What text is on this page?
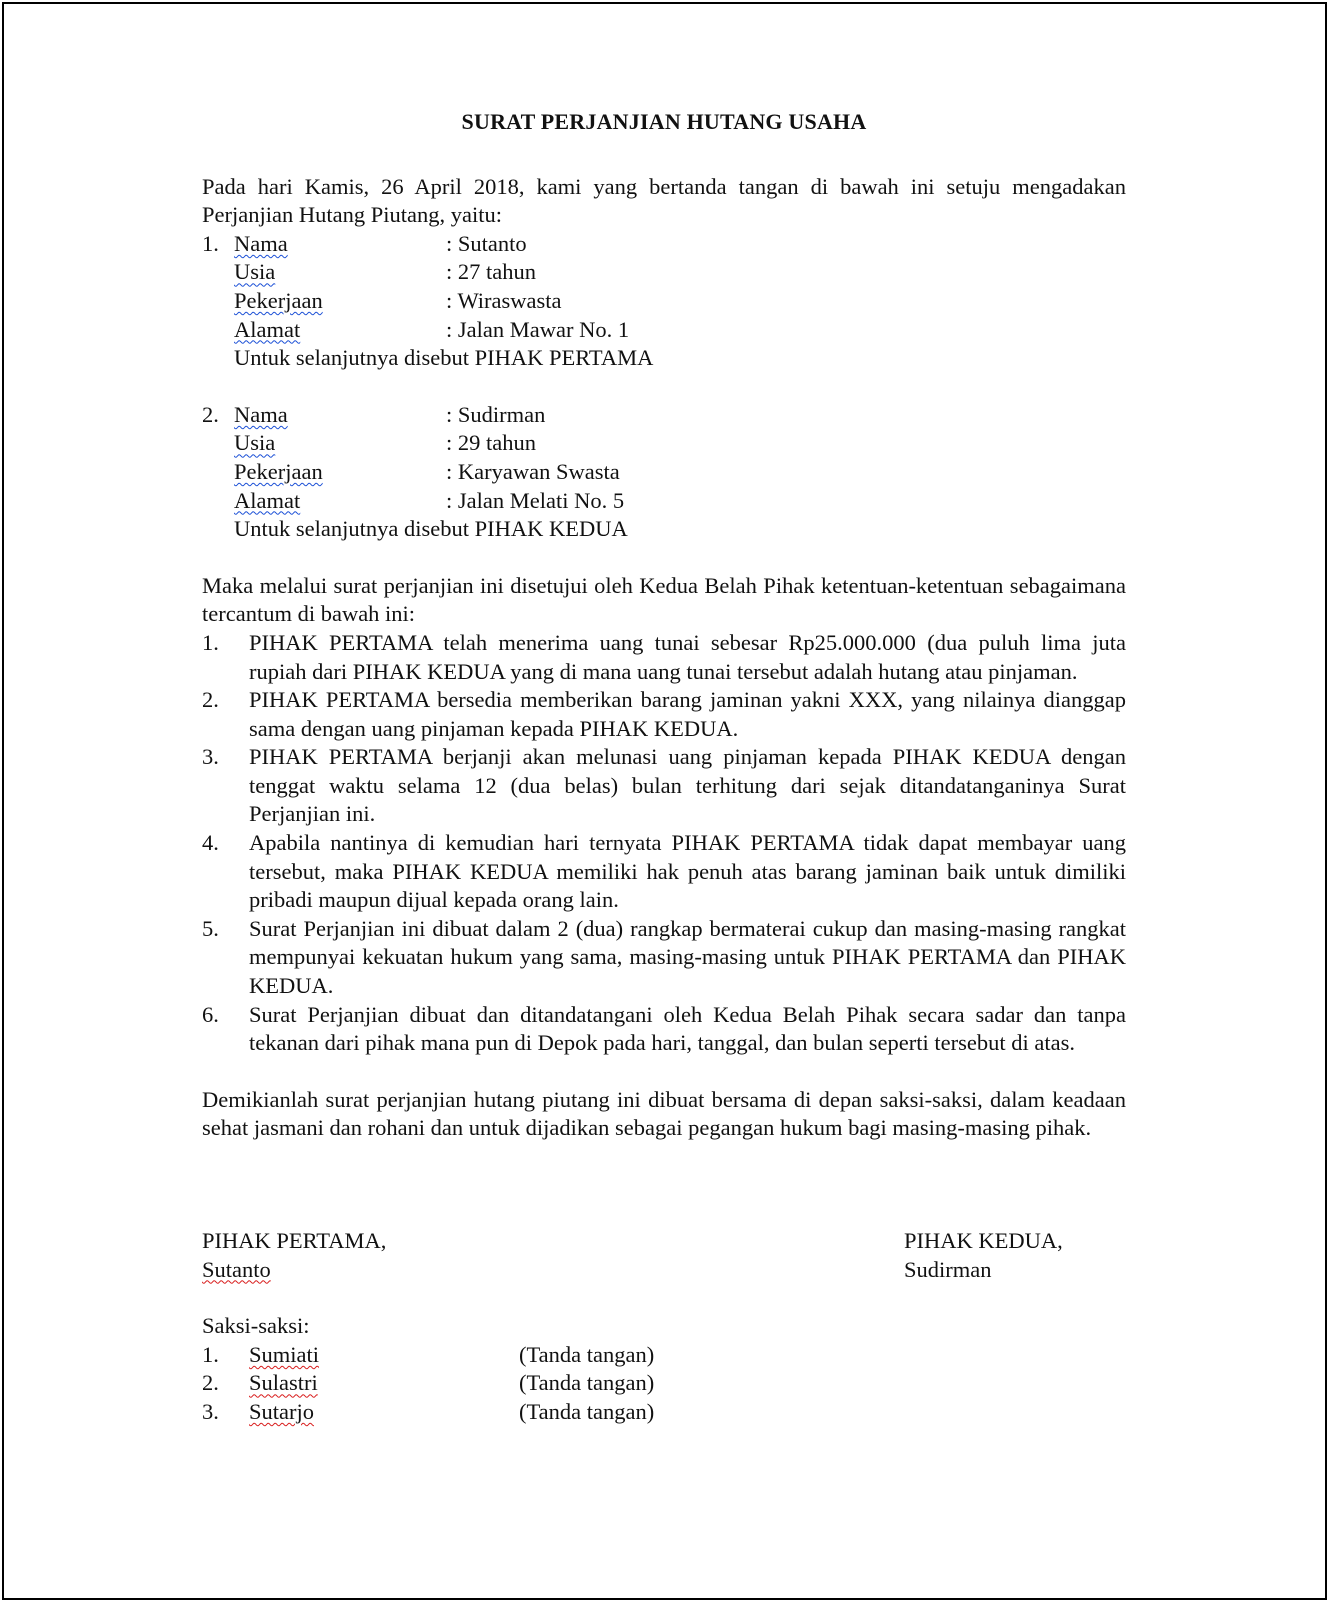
SURAT PERJANJIAN HUTANG USAHA

Pada hari Kamis, 26 April 2018, kami yang bertanda tangan di bawah ini setuju mengadakan Perjanjian Hutang Piutang, yaitu:

1. Nama	: Sutanto
Usia	: 27 tahun
Pekerjaan	: Wiraswasta
Alamat	: Jalan Mawar No. 1
Untuk selanjutnya disebut PIHAK PERTAMA
2. Nama	: Sudirman
Usia	: 29 tahun
Pekerjaan	: Karyawan Swasta
Alamat	: Jalan Melati No. 5
Untuk selanjutnya disebut PIHAK KEDUA

Maka melalui surat perjanjian ini disetujui oleh Kedua Belah Pihak ketentuan-ketentuan sebagaimana tercantum di bawah ini:

1.	PIHAK PERTAMA telah menerima uang tunai sebesar Rp25.000.000 (dua puluh lima juta rupiah dari PIHAK KEDUA yang di mana uang tunai tersebut adalah hutang atau pinjaman.
2.	PIHAK PERTAMA bersedia memberikan barang jaminan yakni XXX, yang nilainya dianggap sama dengan uang pinjaman kepada PIHAK KEDUA.
3.	PIHAK PERTAMA berjanji akan melunasi uang pinjaman kepada PIHAK KEDUA dengan tenggat waktu selama 12 (dua belas) bulan terhitung dari sejak ditandatanganinya Surat Perjanjian ini.
4.	Apabila nantinya di kemudian hari ternyata PIHAK PERTAMA tidak dapat membayar uang tersebut, maka PIHAK KEDUA memiliki hak penuh atas barang jaminan baik untuk dimiliki pribadi maupun dijual kepada orang lain.
5.	Surat Perjanjian ini dibuat dalam 2 (dua) rangkap bermaterai cukup dan masing-masing rangkat mempunyai kekuatan hukum yang sama, masing-masing untuk PIHAK PERTAMA dan PIHAK KEDUA.
6.	Surat Perjanjian dibuat dan ditandatangani oleh Kedua Belah Pihak secara sadar dan tanpa tekanan dari pihak mana pun di Depok pada hari, tanggal, dan bulan seperti tersebut di atas.

Demikianlah surat perjanjian hutang piutang ini dibuat bersama di depan saksi-saksi, dalam keadaan sehat jasmani dan rohani dan untuk dijadikan sebagai pegangan hukum bagi masing-masing pihak.

PIHAK PERTAMA,
Sutanto
PIHAK KEDUA,
Sudirman
Saksi-saksi:
1.	Sumiati	(Tanda tangan)
2.	Sulastri	(Tanda tangan)
3.	Sutarjo	(Tanda tangan)
